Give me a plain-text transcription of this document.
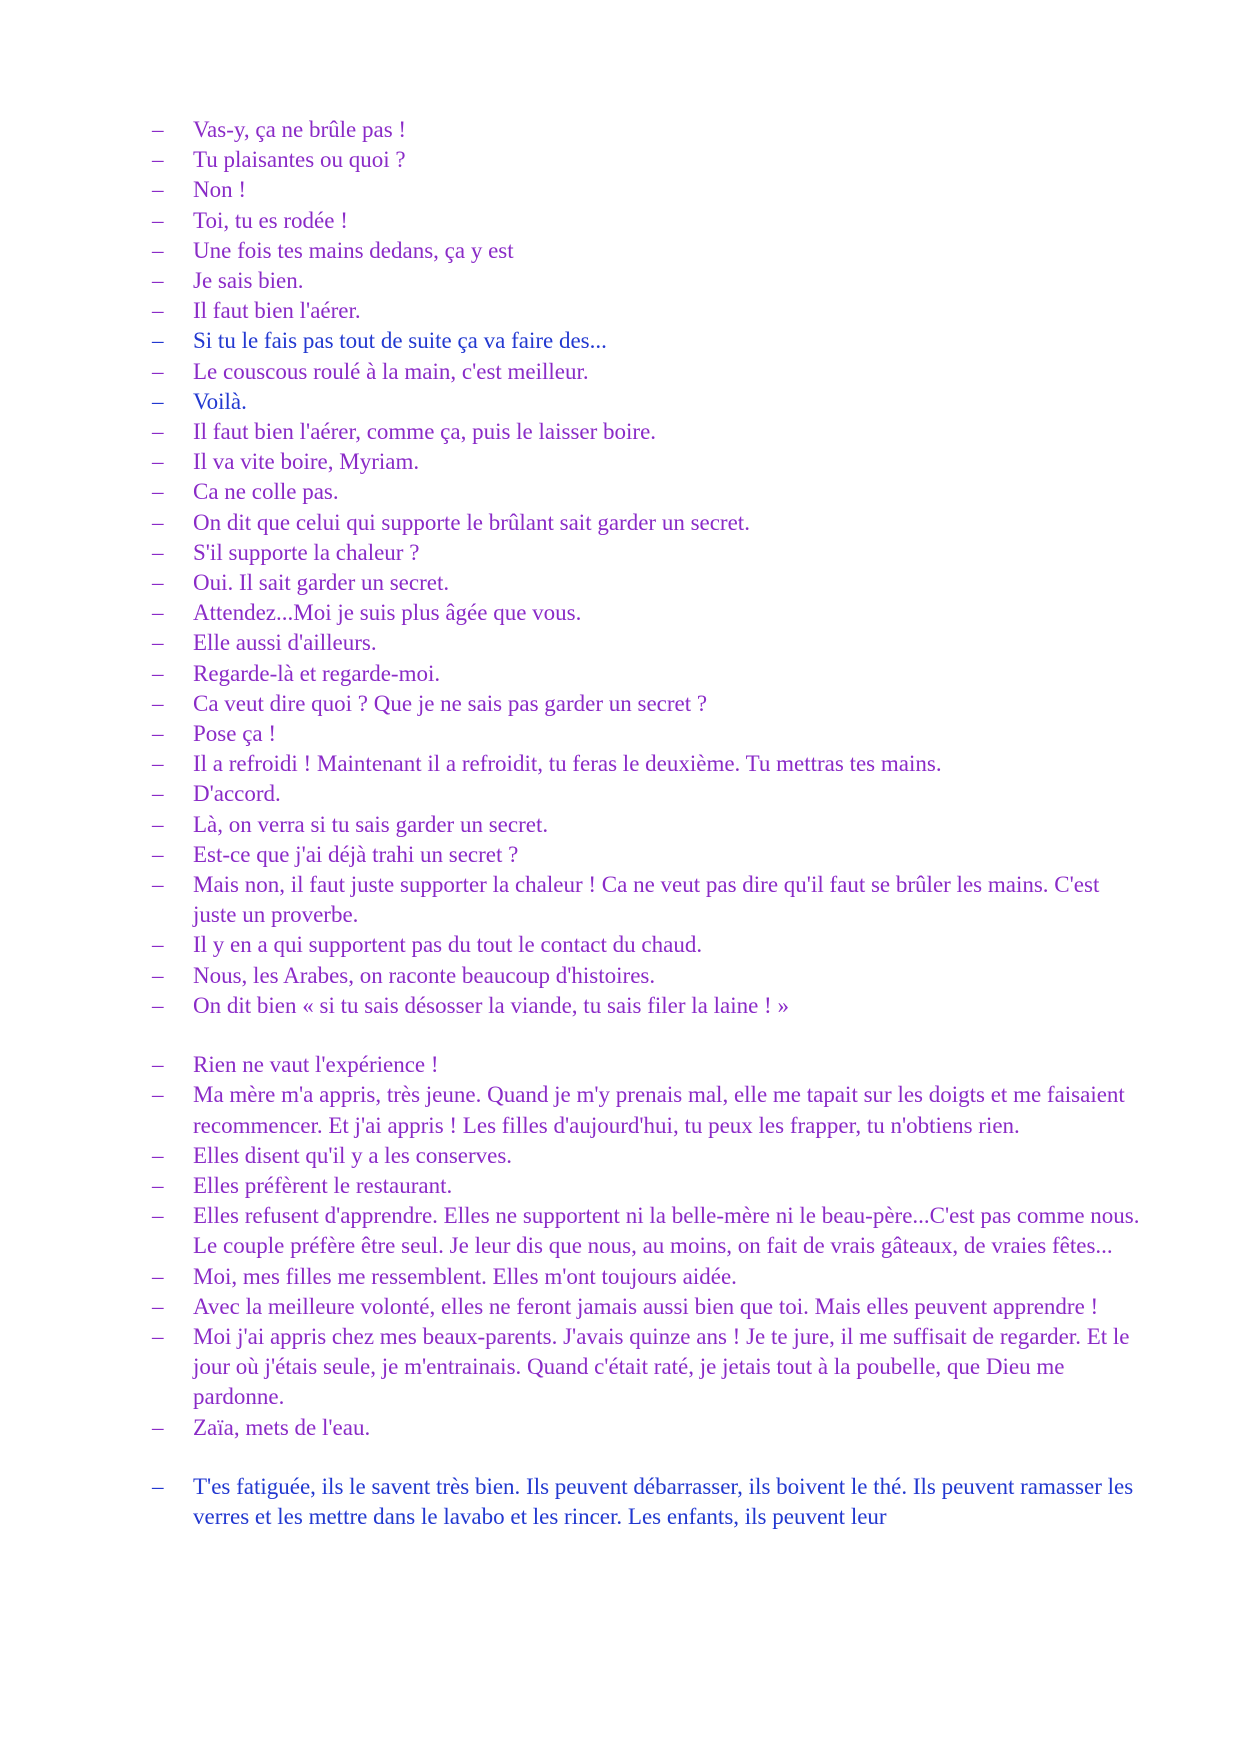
–	Vas-y, ça ne brûle pas !
–	Tu plaisantes ou quoi ?
–	Non !
–	Toi, tu es rodée !
–	Une fois tes mains dedans, ça y est
–	Je sais bien.
–	Il faut bien l'aérer.
–	Si tu le fais pas tout de suite ça va faire des...
–	Le couscous roulé à la main, c'est meilleur.
–	Voilà.
–	Il faut bien l'aérer, comme ça, puis le laisser boire.
–	Il va vite boire, Myriam.
–	Ca ne colle pas.
–	On dit que celui qui supporte le brûlant sait garder un secret.
–	S'il supporte la chaleur ?
–	Oui. Il sait garder un secret.
–	Attendez...Moi je suis plus âgée que vous.
–	Elle aussi d'ailleurs.
–	Regarde-là et regarde-moi.
–	Ca veut dire quoi ? Que je ne sais pas garder un secret ?
–	Pose ça !
–	Il a refroidi ! Maintenant il a refroidit, tu feras le deuxième. Tu mettras tes mains.
–	D'accord.
–	Là, on verra si tu sais garder un secret.
–	Est-ce que j'ai déjà trahi un secret ?
–	Mais non, il faut juste supporter la chaleur ! Ca ne veut pas dire qu'il faut se brûler les mains. C'est juste un proverbe.
–	Il y en a qui supportent pas du tout le contact du chaud.
–	Nous, les Arabes, on raconte beaucoup d'histoires.
–	On dit bien « si tu sais désosser la viande, tu sais filer la laine ! »
–	Rien ne vaut l'expérience !
–	Ma mère m'a appris, très jeune. Quand je m'y prenais mal, elle me tapait sur les doigts et me faisaient recommencer. Et j'ai appris ! Les filles d'aujourd'hui, tu peux les frapper, tu n'obtiens rien.
–	Elles disent qu'il y a les conserves.
–	Elles préfèrent le restaurant.
–	Elles refusent d'apprendre. Elles ne supportent ni la belle-mère ni le beau-père...C'est pas comme nous. Le couple préfère être seul. Je leur dis que nous, au moins, on fait de vrais gâteaux, de vraies fêtes...
–	Moi, mes filles me ressemblent. Elles m'ont toujours aidée.
–	Avec la meilleure volonté, elles ne feront jamais aussi bien que toi. Mais elles peuvent apprendre !
–	Moi j'ai appris chez mes beaux-parents. J'avais quinze ans ! Je te jure, il me suffisait de regarder. Et le jour où j'étais seule, je m'entrainais. Quand c'était raté, je jetais tout à la poubelle, que Dieu me pardonne.
–	Zaïa, mets de l'eau.
–	T'es fatiguée, ils le savent très bien. Ils peuvent débarrasser, ils boivent le thé. Ils peuvent ramasser les verres et les mettre dans le lavabo et les rincer. Les enfants, ils peuvent leur
